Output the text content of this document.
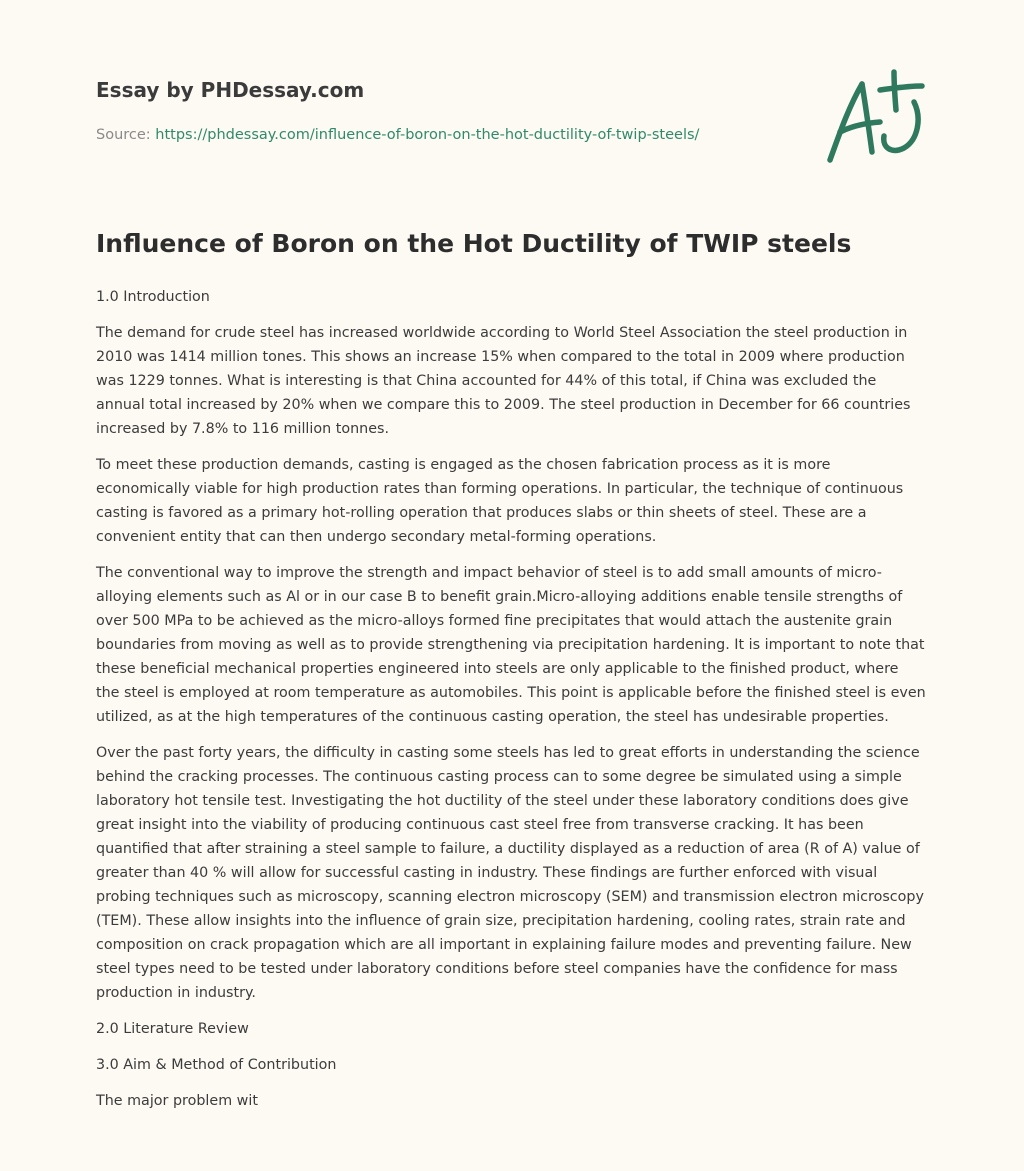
Essay by PHDessay.com

Source: https://phdessay.com/influence-of-boron-on-the-hot-ductility-of-twip-steels/
Influence of Boron on the Hot Ductility of TWIP steels

1.0 Introduction

The demand for crude steel has increased worldwide according to World Steel Association the steel production in 2010 was 1414 million tones. This shows an increase 15% when compared to the total in 2009 where production was 1229 tonnes. What is interesting is that China accounted for 44% of this total, if China was excluded the annual total increased by 20% when we compare this to 2009. The steel production in December for 66 countries increased by 7.8% to 116 million tonnes.

To meet these production demands, casting is engaged as the chosen fabrication process as it is more economically viable for high production rates than forming operations. In particular, the technique of continuous casting is favored as a primary hot-rolling operation that produces slabs or thin sheets of steel. These are a convenient entity that can then undergo secondary metal-forming operations.

The conventional way to improve the strength and impact behavior of steel is to add small amounts of micro-alloying elements such as Al or in our case B to benefit grain.Micro-alloying additions enable tensile strengths of over 500 MPa to be achieved as the micro-alloys formed fine precipitates that would attach the austenite grain boundaries from moving as well as to provide strengthening via precipitation hardening. It is important to note that these beneficial mechanical properties engineered into steels are only applicable to the finished product, where the steel is employed at room temperature as automobiles. This point is applicable before the finished steel is even utilized, as at the high temperatures of the continuous casting operation, the steel has undesirable properties.

Over the past forty years, the difficulty in casting some steels has led to great efforts in understanding the science behind the cracking processes. The continuous casting process can to some degree be simulated using a simple laboratory hot tensile test. Investigating the hot ductility of the steel under these laboratory conditions does give great insight into the viability of producing continuous cast steel free from transverse cracking. It has been quantified that after straining a steel sample to failure, a ductility displayed as a reduction of area (R of A) value of greater than 40 % will allow for successful casting in industry. These findings are further enforced with visual probing techniques such as microscopy, scanning electron microscopy (SEM) and transmission electron microscopy (TEM). These allow insights into the influence of grain size, precipitation hardening, cooling rates, strain rate and composition on crack propagation which are all important in explaining failure modes and preventing failure. New steel types need to be tested under laboratory conditions before steel companies have the confidence for mass production in industry.

2.0 Literature Review

3.0 Aim & Method of Contribution

The major problem wit
